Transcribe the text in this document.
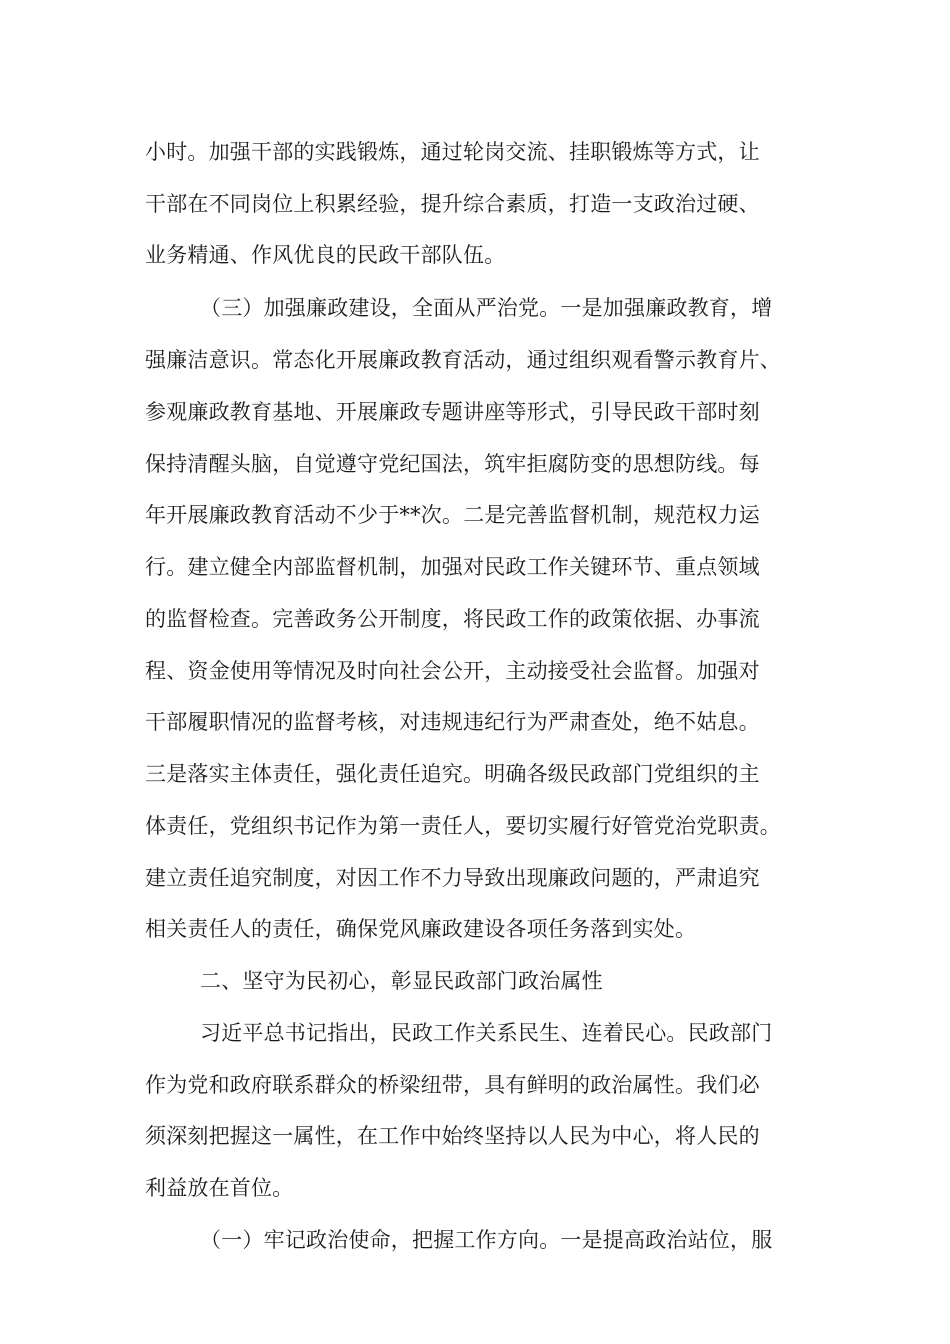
小时。加强干部的实践锻炼，通过轮岗交流、挂职锻炼等方式，让
干部在不同岗位上积累经验，提升综合素质，打造一支政治过硬、
业务精通、作风优良的民政干部队伍。
（三）加强廉政建设，全面从严治党。一是加强廉政教育，增
强廉洁意识。常态化开展廉政教育活动，通过组织观看警示教育片、
参观廉政教育基地、开展廉政专题讲座等形式，引导民政干部时刻
保持清醒头脑，自觉遵守党纪国法，筑牢拒腐防变的思想防线。每
年开展廉政教育活动不少于**次。二是完善监督机制，规范权力运
行。建立健全内部监督机制，加强对民政工作关键环节、重点领域
的监督检查。完善政务公开制度，将民政工作的政策依据、办事流
程、资金使用等情况及时向社会公开，主动接受社会监督。加强对
干部履职情况的监督考核，对违规违纪行为严肃查处，绝不姑息。
三是落实主体责任，强化责任追究。明确各级民政部门党组织的主
体责任，党组织书记作为第一责任人，要切实履行好管党治党职责。
建立责任追究制度，对因工作不力导致出现廉政问题的，严肃追究
相关责任人的责任，确保党风廉政建设各项任务落到实处。
二、坚守为民初心，彰显民政部门政治属性
习近平总书记指出，民政工作关系民生、连着民心。民政部门
作为党和政府联系群众的桥梁纽带，具有鲜明的政治属性。我们必
须深刻把握这一属性，在工作中始终坚持以人民为中心，将人民的
利益放在首位。
（一）牢记政治使命，把握工作方向。一是提高政治站位，服
